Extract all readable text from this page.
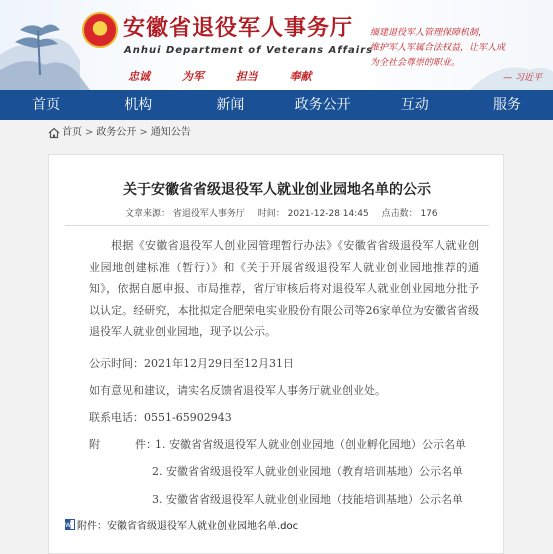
★ 安徽省退役军人事务厅
Anhui Department of Veterans Affairs
忠诚	为军	担当	奉献
缅建退役军人管理保障机制，
维护军人军属合法权益，让军人成
为全社会尊崇的职业。
— 习近平
首页	机构	新闻	政务公开	互动	服务
首页 > 政务公开 > 通知公告
关于安徽省省级退役军人就业创业园地名单的公示
文章来源： 省退役军人事务厅 时间： 2021-12-28 14:45 点击数： 176
根据《安徽省退役军人创业园管理暂行办法》《安徽省省级退役军人就业创业园地创建标准（暂行）》和《关于开展省级退役军人就业创业园地推荐的通知》，依据自愿申报、市局推荐，省厅审核后将对退役军人就业创业园地分批予以认定。经研究，本批拟定合肥荣电实业股份有限公司等26家单位为安徽省省级退役军人就业创业园地，现予以公示。
公示时间：2021年12月29日至12月31日
如有意见和建议，请实名反馈省退役军人事务厅就业创业处。
联系电话：0551-65902943
附          件：
1. 安徽省省级退役军人就业创业园地（创业孵化园地）公示名单
2. 安徽省省级退役军人就业创业园地（教育培训基地）公示名单
3. 安徽省省级退役军人就业创业园地（技能培训基地）公示名单
W 附件：安徽省省级退役军人就业创业园地名单.doc
